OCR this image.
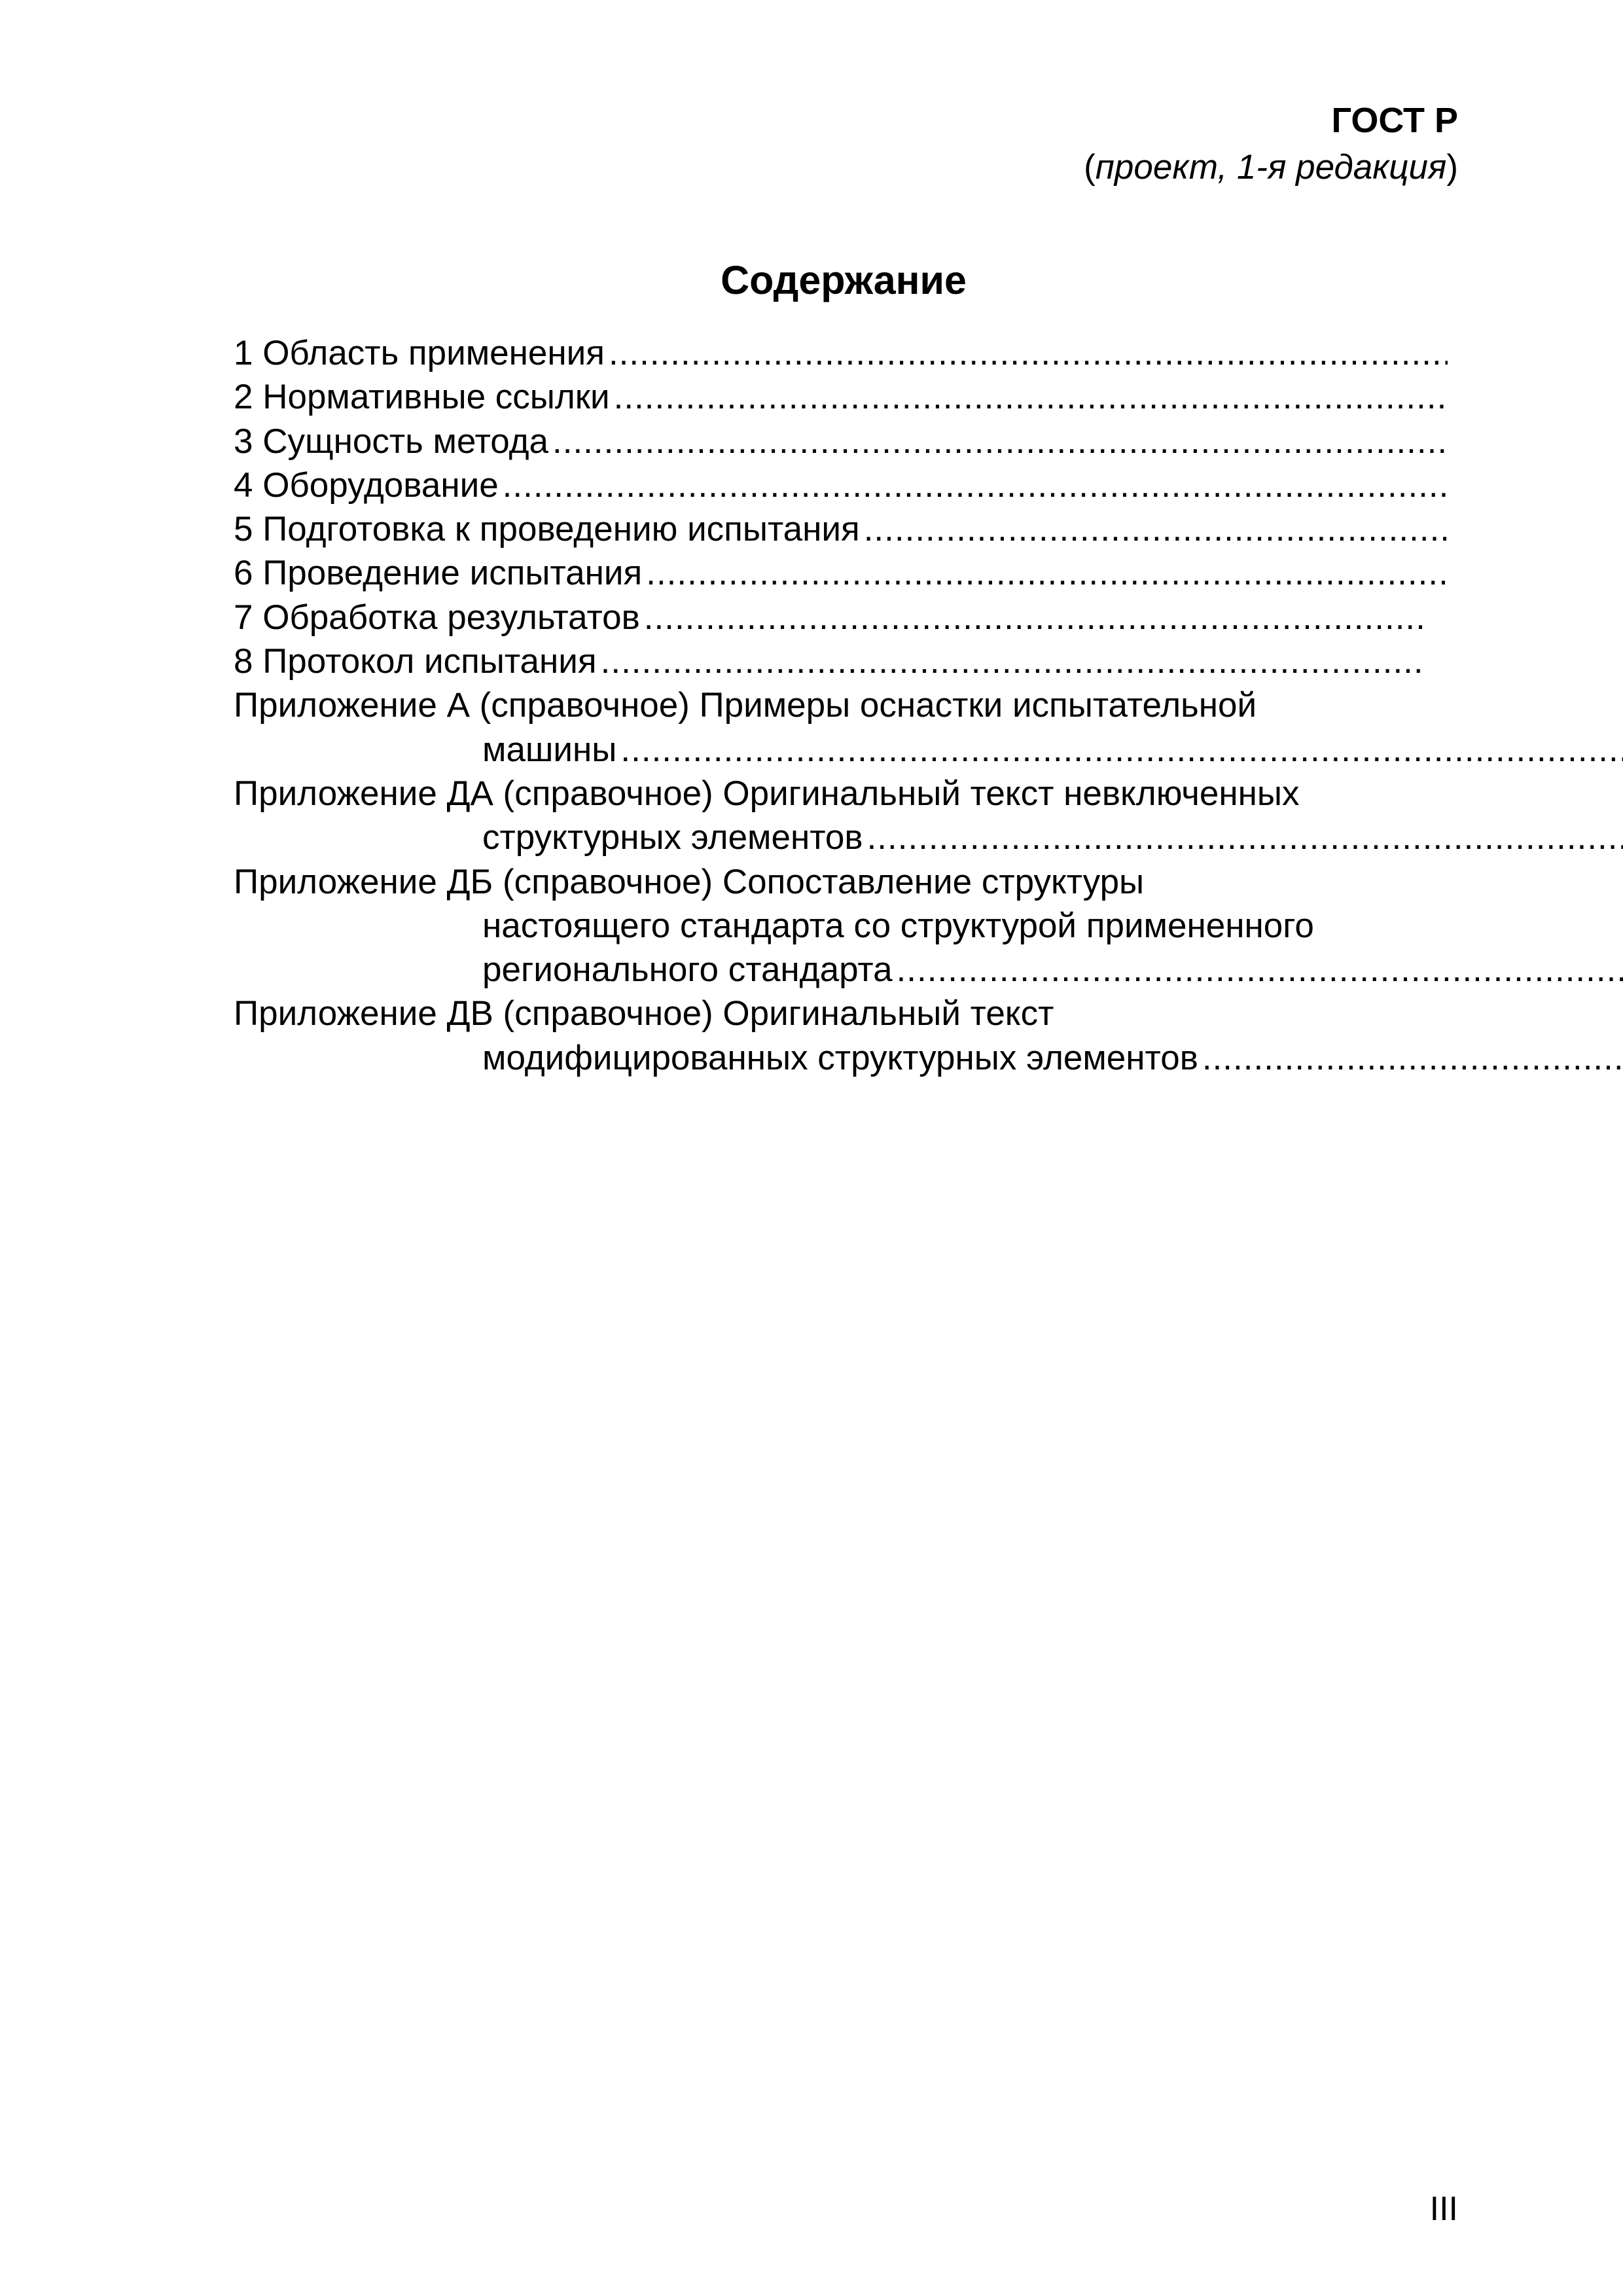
ГОСТ Р
(проект, 1-я редакция)
Содержание
1 Область применения
.....
2 Нормативные ссылки
.....
3 Сущность метода
.....
4 Оборудование
.....
5 Подготовка к проведению испытания
.....
6 Проведение испытания
.....
7 Обработка результатов
.....
8 Протокол испытания
.....
Приложение А (справочное) Примеры оснастки испытательной
машины
.....
Приложение ДА (справочное) Оригинальный текст невключенных
структурных элементов
.....
Приложение ДБ (справочное) Сопоставление структуры
настоящего стандарта со структурой примененного
регионального стандарта
.....
Приложение ДВ (справочное) Оригинальный текст
модифицированных структурных элементов
.....
III
